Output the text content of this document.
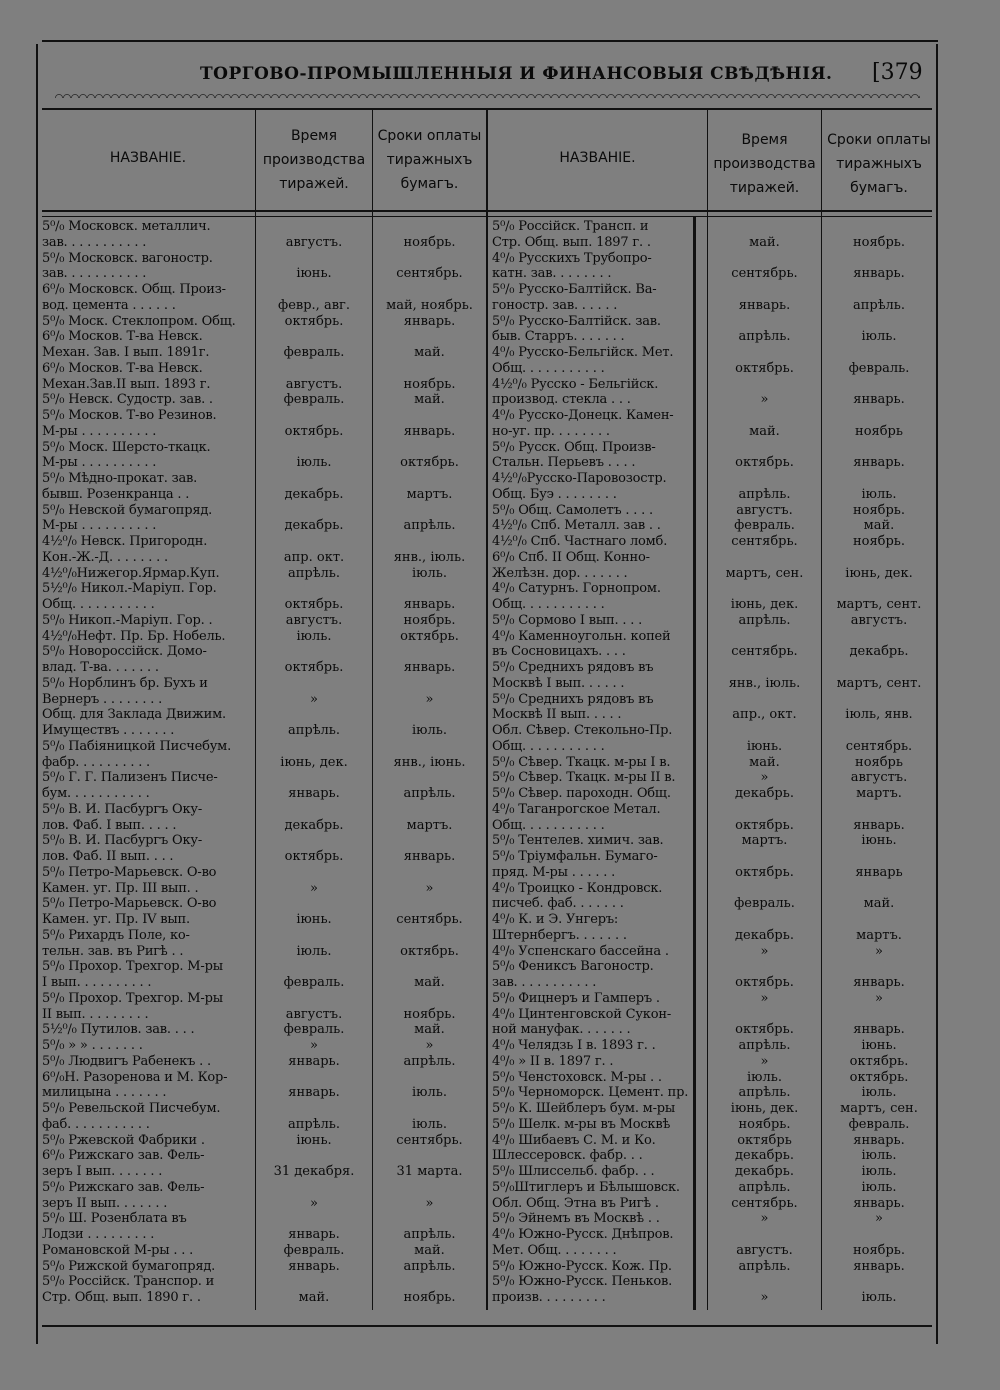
ТОРГОВО-ПРОМЫШЛЕННЫЯ И ФИНАНСОВЫЯ СВѢДѢНІЯ. [379
НАЗВАНІЕ.
Время
производства
тиражей.
Сроки оплаты
тиражныхъ
бумагъ.
НАЗВАНІЕ.
Время
производства
тиражей.
Сроки оплаты
тиражныхъ
бумагъ.
5⁰/₀ Московск. металлич.
зав. . . . . . . . . . .	августъ.	ноябрь.
5⁰/₀ Московск. вагоностр.
зав. . . . . . . . . . .	іюнь.	сентябрь.
6⁰/₀ Московск. Общ. Произ-
вод. цемента . . . . . .	февр., авг.	май, ноябрь.
5⁰/₀ Моск. Стеклопром. Общ.	октябрь.	январь.
6⁰/₀ Москов. Т-ва Невск.
Механ. Зав. I вып. 1891г.	февраль.	май.
6⁰/₀ Москов. Т-ва Невск.
Механ.Зав.II вып. 1893 г.	августъ.	ноябрь.
5⁰/₀ Невск. Судостр. зав. .	февраль.	май.
5⁰/₀ Москов. Т-во Резинов.
М-ры . . . . . . . . . .	октябрь.	январь.
5⁰/₀ Моск. Шерсто-ткацк.
М-ры . . . . . . . . . .	іюль.	октябрь.
5⁰/₀ Мѣдно-прокат. зав.
бывш. Розенкранца . .	декабрь.	мартъ.
5⁰/₀ Невской бумагопряд.
М-ры . . . . . . . . . .	декабрь.	апрѣль.
4½⁰/₀ Невск. Пригородн.
Кон.-Ж.-Д. . . . . . . .	апр. окт.	янв., іюль.
4½⁰/₀Нижегор.Ярмар.Куп.	апрѣль.	іюль.
5½⁰/₀ Никол.-Маріуп. Гор.
Общ. . . . . . . . . . .	октябрь.	январь.
5⁰/₀ Никоп.-Маріуп. Гор. .	августъ.	ноябрь.
4½⁰/₀Нефт. Пр. Бр. Нобель.	іюль.	октябрь.
5⁰/₀ Новороссійск. Домо-
влад. Т-ва. . . . . . .	октябрь.	январь.
5⁰/₀ Норблинъ бр. Бухъ и
Вернеръ . . . . . . . .	»	»
Общ. для Заклада Движим.
Имуществъ . . . . . . .	апрѣль.	іюль.
5⁰/₀ Пабіяницкой Писчебум.
фабр. . . . . . . . . .	іюнь, дек.	янв., іюнь.
5⁰/₀ Г. Г. Пализенъ Писче-
бум. . . . . . . . . . .	январь.	апрѣль.
5⁰/₀ В. И. Пасбургъ Оку-
лов. Фаб. I вып. . . . .	декабрь.	мартъ.
5⁰/₀ В. И. Пасбургъ Оку-
лов. Фаб. II вып. . . .	октябрь.	январь.
5⁰/₀ Петро-Марьевск. О-во
Камен. уг. Пр. III вып. .	»	»
5⁰/₀ Петро-Марьевск. О-во
Камен. уг. Пр. IV вып.	іюнь.	сентябрь.
5⁰/₀ Рихардъ Поле, ко-
тельн. зав. въ Ригѣ . .	іюль.	октябрь.
5⁰/₀ Прохор. Трехгор. М-ры
I вып. . . . . . . . . .	февраль.	май.
5⁰/₀ Прохор. Трехгор. М-ры
II вып. . . . . . . . .	августъ.	ноябрь.
5½⁰/₀ Путилов. зав. . . .	февраль.	май.
5⁰/₀ » » . . . . . . .	»	»
5⁰/₀ Людвигъ Рабенекъ . .	январь.	апрѣль.
6⁰/₀Н. Разоренова и М. Кор-
милицына . . . . . . .	январь.	іюль.
5⁰/₀ Ревельской Писчебум.
фаб. . . . . . . . . . .	апрѣль.	іюль.
5⁰/₀ Ржевской Фабрики .	іюнь.	сентябрь.
6⁰/₀ Рижскаго зав. Фель-
зеръ I вып. . . . . . .	31 декабря.	31 марта.
5⁰/₀ Рижскаго зав. Фель-
зеръ II вып. . . . . . .	»	»
5⁰/₀ Ш. Розенблата въ
Лодзи . . . . . . . . .	январь.	апрѣль.
Романовской М-ры . . .	февраль.	май.
5⁰/₀ Рижской бумагопряд.	январь.	апрѣль.
5⁰/₀ Россійск. Транспор. и
Стр. Общ. вып. 1890 г. .	май.	ноябрь.
5⁰/₀ Россійск. Трансп. и
Стр. Общ. вып. 1897 г. .	май.	ноябрь.
4⁰/₀ Русскихъ Трубопро-
катн. зав. . . . . . . .	сентябрь.	январь.
5⁰/₀ Русско-Балтійск. Ва-
гоностр. зав. . . . . .	январь.	апрѣль.
5⁰/₀ Русско-Балтійск. зав.
быв. Старръ. . . . . . .	апрѣль.	іюль.
4⁰/₀ Русско-Бельгійск. Мет.
Общ. . . . . . . . . . .	октябрь.	февраль.
4½⁰/₀ Русско - Бельгійск.
производ. стекла . . .	»	январь.
4⁰/₀ Русско-Донецк. Камен-
но-уг. пр. . . . . . . .	май.	ноябрь
5⁰/₀ Русск. Общ. Произв-
Стальн. Перьевъ . . . .	октябрь.	январь.
4½⁰/₀Русско-Паровозостр.
Общ. Буэ . . . . . . . .	апрѣль.	іюль.
5⁰/₀ Общ. Самолетъ . . . .	августъ.	ноябрь.
4½⁰/₀ Спб. Металл. зав . .	февраль.	май.
4½⁰/₀ Спб. Частнаго ломб.	сентябрь.	ноябрь.
6⁰/₀ Спб. II Общ. Конно-
Желѣзн. дор. . . . . . .	мартъ, сен.	іюнь, дек.
4⁰/₀ Сатурнъ. Горнопром.
Общ. . . . . . . . . . .	іюнь, дек.	мартъ, сент.
5⁰/₀ Сормово I вып. . . .	апрѣль.	августъ.
4⁰/₀ Каменноугольн. копей
въ Сосновицахъ. . . .	сентябрь.	декабрь.
5⁰/₀ Среднихъ рядовъ въ
Москвѣ I вып. . . . . .	янв., іюль.	мартъ, сент.
5⁰/₀ Среднихъ рядовъ въ
Москвѣ II вып. . . . .	апр., окт.	іюль, янв.
Обл. Сѣвер. Стекольно-Пр.
Общ. . . . . . . . . . .	іюнь.	сентябрь.
5⁰/₀ Сѣвер. Ткацк. м-ры I в.	май.	ноябрь
5⁰/₀ Сѣвер. Ткацк. м-ры II в.	»	августъ.
5⁰/₀ Сѣвер. пароходн. Общ.	декабрь.	мартъ.
4⁰/₀ Таганрогское Метал.
Общ. . . . . . . . . . .	октябрь.	январь.
5⁰/₀ Тентелев. химич. зав.	мартъ.	іюнь.
5⁰/₀ Тріумфальн. Бумаго-
пряд. М-ры . . . . . .	октябрь.	январь
4⁰/₀ Троицко - Кондровск.
писчеб. фаб. . . . . . .	февраль.	май.
4⁰/₀ К. и Э. Унгеръ:
Штернбергъ. . . . . . .	декабрь.	мартъ.
4⁰/₀ Успенскаго бассейна .	»	»
5⁰/₀ Фениксъ Вагоностр.
зав. . . . . . . . . . .	октябрь.	январь.
5⁰/₀ Фицнеръ и Гамперъ .	»	»
4⁰/₀ Цинтенговской Сукон-
ной мануфак. . . . . . .	октябрь.	январь.
4⁰/₀ Челядзь I в. 1893 г. .	апрѣль.	іюнь.
4⁰/₀ » II в. 1897 г. .	»	октябрь.
5⁰/₀ Ченстоховск. М-ры . .	іюль.	октябрь.
5⁰/₀ Черноморск. Цемент. пр.	апрѣль.	іюль.
5⁰/₀ К. Шейблеръ бум. м-ры	іюнь, дек.	мартъ, сен.
5⁰/₀ Шелк. м-ры въ Москвѣ	ноябрь.	февраль.
4⁰/₀ Шибаевъ С. М. и Ко.	октябрь	январь.
Шлессеровск. фабр. . .	декабрь.	іюль.
5⁰/₀ Шлиссельб. фабр. . .	декабрь.	іюль.
5⁰/₀Штиглеръ и Бѣлышовск.	апрѣль.	іюль.
Обл. Общ. Этна въ Ригѣ .	сентябрь.	январь.
5⁰/₀ Эйнемъ въ Москвѣ . .	»	»
4⁰/₀ Южно-Русск. Днѣпров.
Мет. Общ. . . . . . . .	августъ.	ноябрь.
5⁰/₀ Южно-Русск. Кож. Пр.	апрѣль.	январь.
5⁰/₀ Южно-Русск. Пеньков.
произв. . . . . . . . .	»	іюль.
